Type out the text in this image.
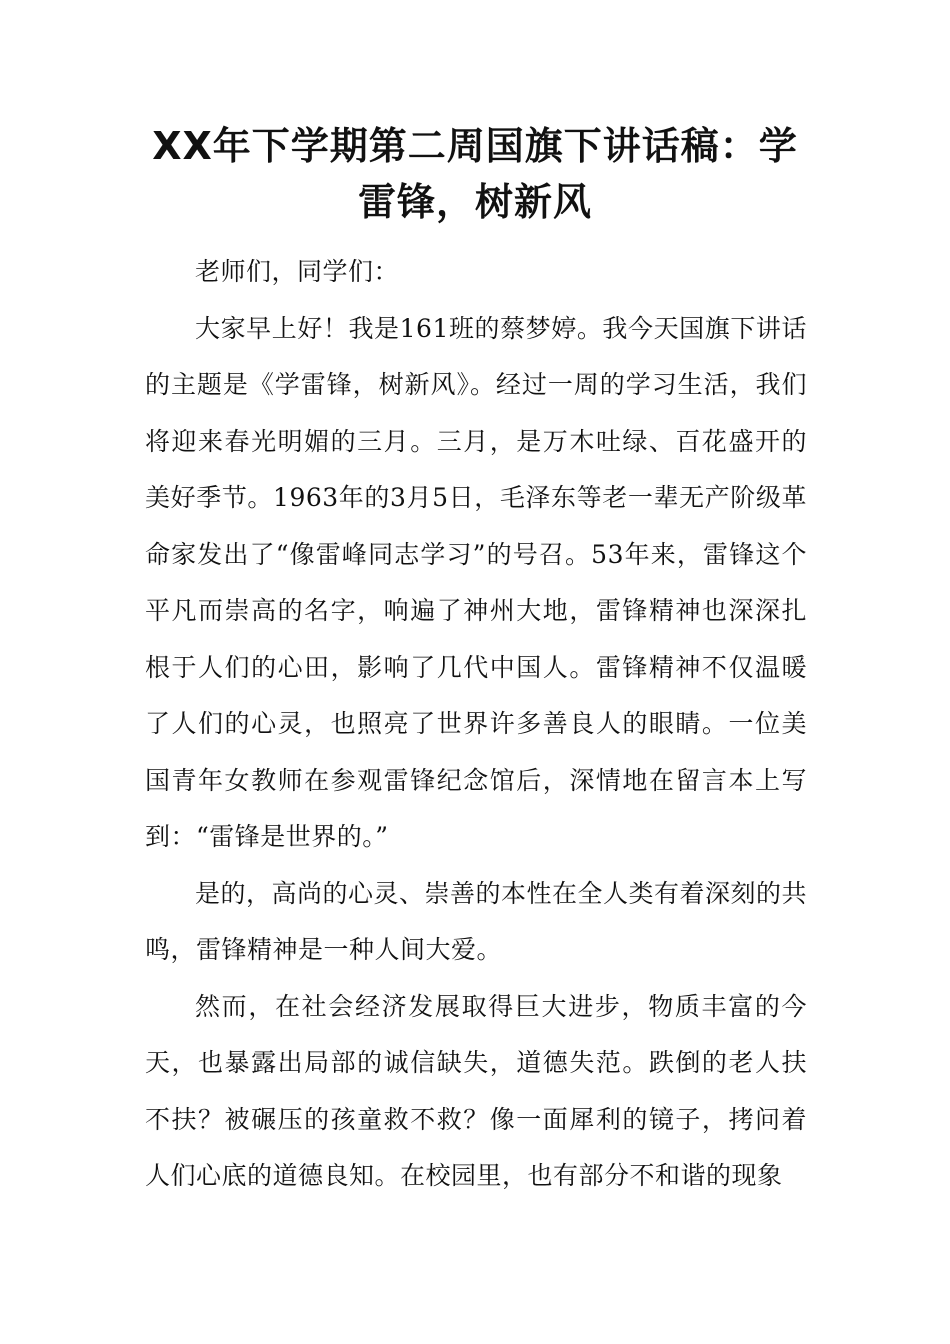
XX年下学期第二周国旗下讲话稿：学雷锋，树新风

老师们，同学们：

大家早上好！我是161班的蔡梦婷。我今天国旗下讲话的主题是《学雷锋，树新风》。经过一周的学习生活，我们将迎来春光明媚的三月。三月，是万木吐绿、百花盛开的美好季节。1963年的3月5日，毛泽东等老一辈无产阶级革命家发出了“像雷峰同志学习”的号召。53年来，雷锋这个平凡而崇高的名字，响遍了神州大地，雷锋精神也深深扎根于人们的心田，影响了几代中国人。雷锋精神不仅温暖了人们的心灵，也照亮了世界许多善良人的眼睛。一位美国青年女教师在参观雷锋纪念馆后，深情地在留言本上写到：“雷锋是世界的。”

是的，高尚的心灵、崇善的本性在全人类有着深刻的共鸣，雷锋精神是一种人间大爱。

然而，在社会经济发展取得巨大进步，物质丰富的今天，也暴露出局部的诚信缺失，道德失范。跌倒的老人扶不扶？被碾压的孩童救不救？像一面犀利的镜子，拷问着人们心底的道德良知。在校园里，也有部分不和谐的现象
